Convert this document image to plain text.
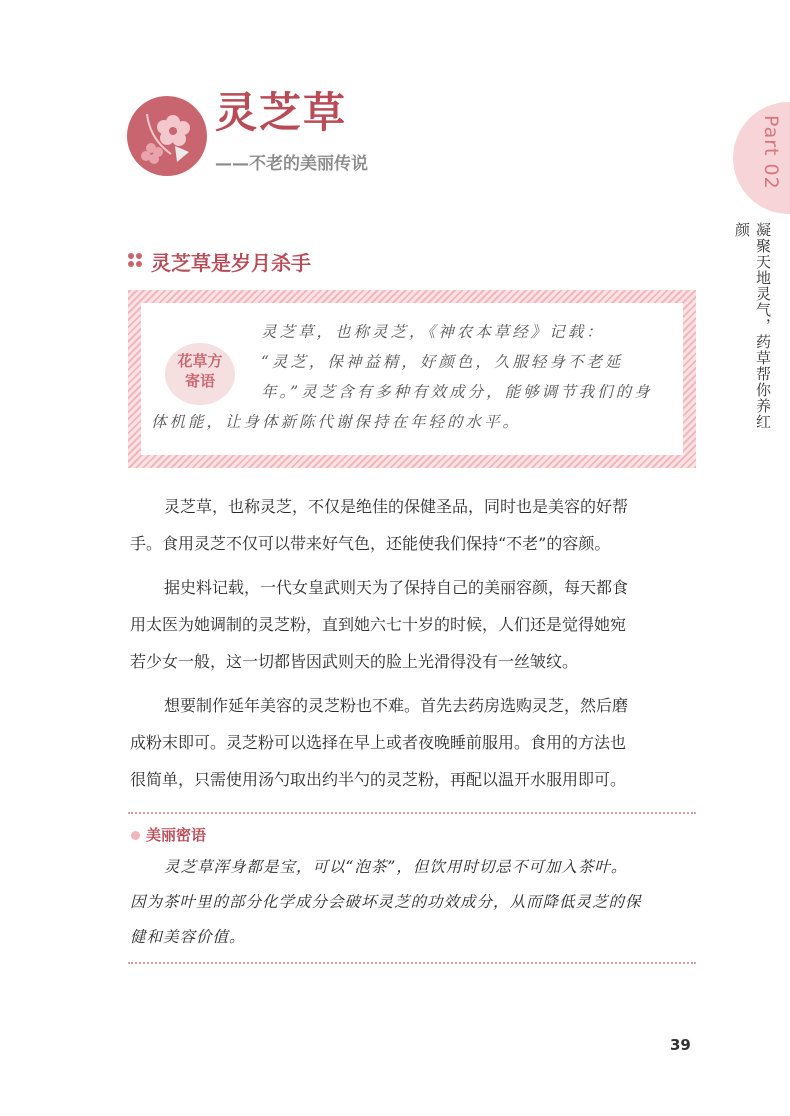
灵芝草
——不老的美丽传说	Part 02
凝聚天地灵气，药草帮你养红颜
灵芝草是岁月杀手
花草方
寄语
灵芝草，也称灵芝，《神农本草经》记载：
“灵芝，保神益精，好颜色，久服轻身不老延
年。”灵芝含有多种有效成分，能够调节我们的身
体机能，让身体新陈代谢保持在年轻的水平。

灵芝草，也称灵芝，不仅是绝佳的保健圣品，同时也是美容的好帮
手。食用灵芝不仅可以带来好气色，还能使我们保持“不老”的容颜。

据史料记载，一代女皇武则天为了保持自己的美丽容颜，每天都食
用太医为她调制的灵芝粉，直到她六七十岁的时候，人们还是觉得她宛
若少女一般，这一切都皆因武则天的脸上光滑得没有一丝皱纹。

想要制作延年美容的灵芝粉也不难。首先去药房选购灵芝，然后磨
成粉末即可。灵芝粉可以选择在早上或者夜晚睡前服用。食用的方法也
很简单，只需使用汤勺取出约半勺的灵芝粉，再配以温开水服用即可。

美丽密语
灵芝草浑身都是宝，可以“泡茶”，但饮用时切忌不可加入茶叶。
因为茶叶里的部分化学成分会破坏灵芝的功效成分，从而降低灵芝的保
健和美容价值。
39
